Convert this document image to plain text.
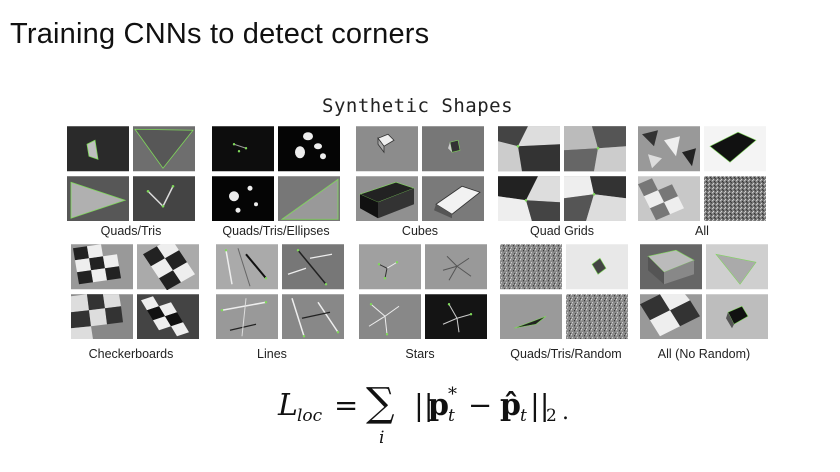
Training CNNs to detect corners
Synthetic Shapes
Quads/Tris	Quads/Tris/Ellipses	Cubes	Quad Grids	All
Checkerboards	Lines	Stars	Quads/Tris/Random	All (No Random)
L loc = ∑
i
||
p *
t − p̂ t ||
2 .
